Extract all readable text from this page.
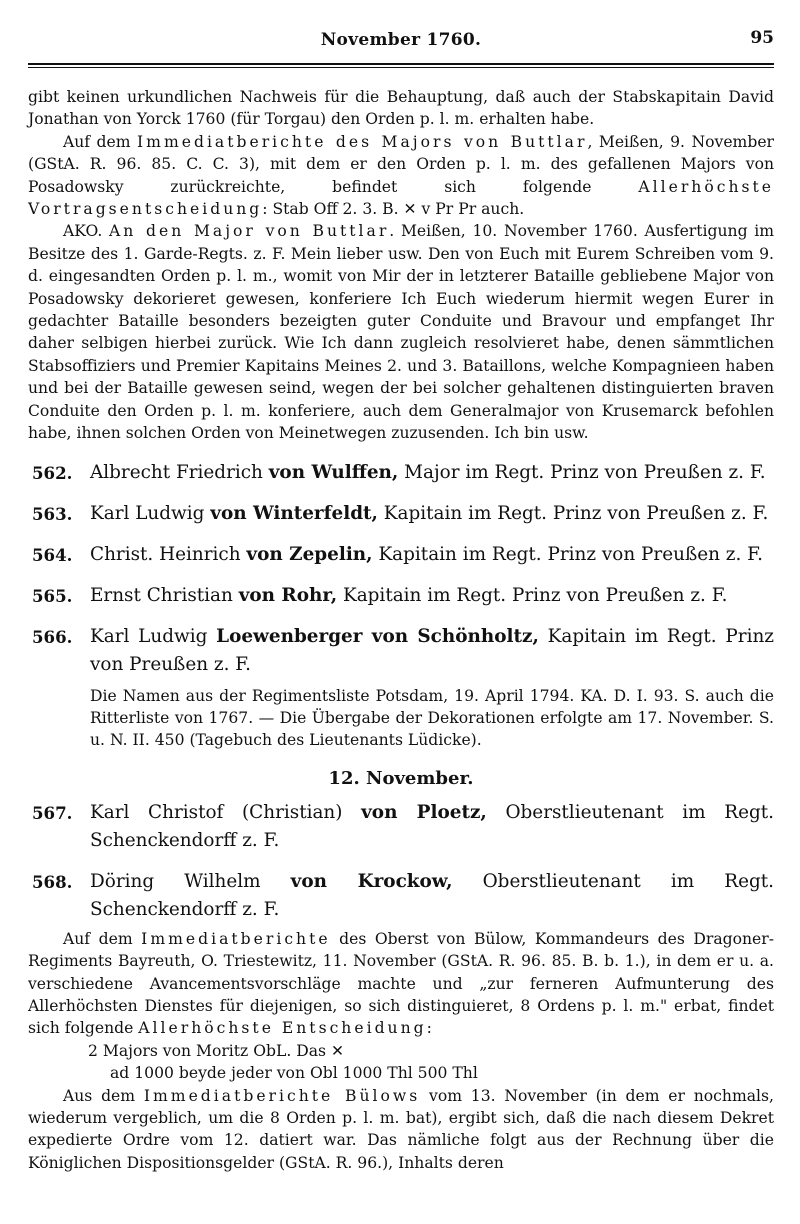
November 1760.	95

gibt keinen urkundlichen Nachweis für die Behauptung, daß auch der Stabskapitain David Jonathan von Yorck 1760 (für Torgau) den Orden p. l. m. erhalten habe.

Auf dem Immediatberichte des Majors von Buttlar, Meißen, 9. November (GStA. R. 96. 85. C. C. 3), mit dem er den Orden p. l. m. des gefallenen Majors von Posadowsky zurückreichte, befindet sich folgende Allerhöchste Vortragsentscheidung: Stab Off 2. 3. B. ✕ v Pr Pr auch.

AKO. An den Major von Buttlar. Meißen, 10. November 1760. Ausfertigung im Besitze des 1. Garde-Regts. z. F. Mein lieber usw. Den von Euch mit Eurem Schreiben vom 9. d. eingesandten Orden p. l. m., womit von Mir der in letzterer Bataille gebliebene Major von Posadowsky dekorieret gewesen, konferiere Ich Euch wiederum hiermit wegen Eurer in gedachter Bataille besonders bezeigten guter Conduite und Bravour und empfanget Ihr daher selbigen hierbei zurück. Wie Ich dann zugleich resolvieret habe, denen sämmtlichen Stabsoffiziers und Premier Kapitains Meines 2. und 3. Bataillons, welche Kompagnieen haben und bei der Bataille gewesen seind, wegen der bei solcher gehaltenen distinguierten braven Conduite den Orden p. l. m. konferiere, auch dem Generalmajor von Krusemarck befohlen habe, ihnen solchen Orden von Meinetwegen zuzusenden. Ich bin usw.

562. Albrecht Friedrich von Wulffen, Major im Regt. Prinz von Preußen z. F.
563. Karl Ludwig von Winterfeldt, Kapitain im Regt. Prinz von Preußen z. F.
564. Christ. Heinrich von Zepelin, Kapitain im Regt. Prinz von Preußen z. F.
565. Ernst Christian von Rohr, Kapitain im Regt. Prinz von Preußen z. F.
566. Karl Ludwig Loewenberger von Schönholtz, Kapitain im Regt. Prinz von Preußen z. F.

Die Namen aus der Regimentsliste Potsdam, 19. April 1794. KA. D. I. 93. S. auch die Ritterliste von 1767. — Die Übergabe der Dekorationen erfolgte am 17. November. S. u. N. II. 450 (Tagebuch des Lieutenants Lüdicke).

12. November.
567. Karl Christof (Christian) von Ploetz, Oberstlieutenant im Regt. Schenckendorff z. F.
568. Döring Wilhelm von Krockow, Oberstlieutenant im Regt. Schenckendorff z. F.

Auf dem Immediatberichte des Oberst von Bülow, Kommandeurs des Dragoner-Regiments Bayreuth, O. Triestewitz, 11. November (GStA. R. 96. 85. B. b. 1.), in dem er u. a. verschiedene Avancementsvorschläge machte und „zur ferneren Aufmunterung des Allerhöchsten Dienstes für diejenigen, so sich distinguieret, 8 Ordens p. l. m." erbat, findet sich folgende Allerhöchste Entscheidung:

2 Majors von Moritz ObL. Das ✕

ad 1000 beyde jeder von Obl 1000 Thl 500 Thl

Aus dem Immediatberichte Bülows vom 13. November (in dem er nochmals, wiederum vergeblich, um die 8 Orden p. l. m. bat), ergibt sich, daß die nach diesem Dekret expedierte Ordre vom 12. datiert war. Das nämliche folgt aus der Rechnung über die Königlichen Dispositionsgelder (GStA. R. 96.), Inhalts deren
